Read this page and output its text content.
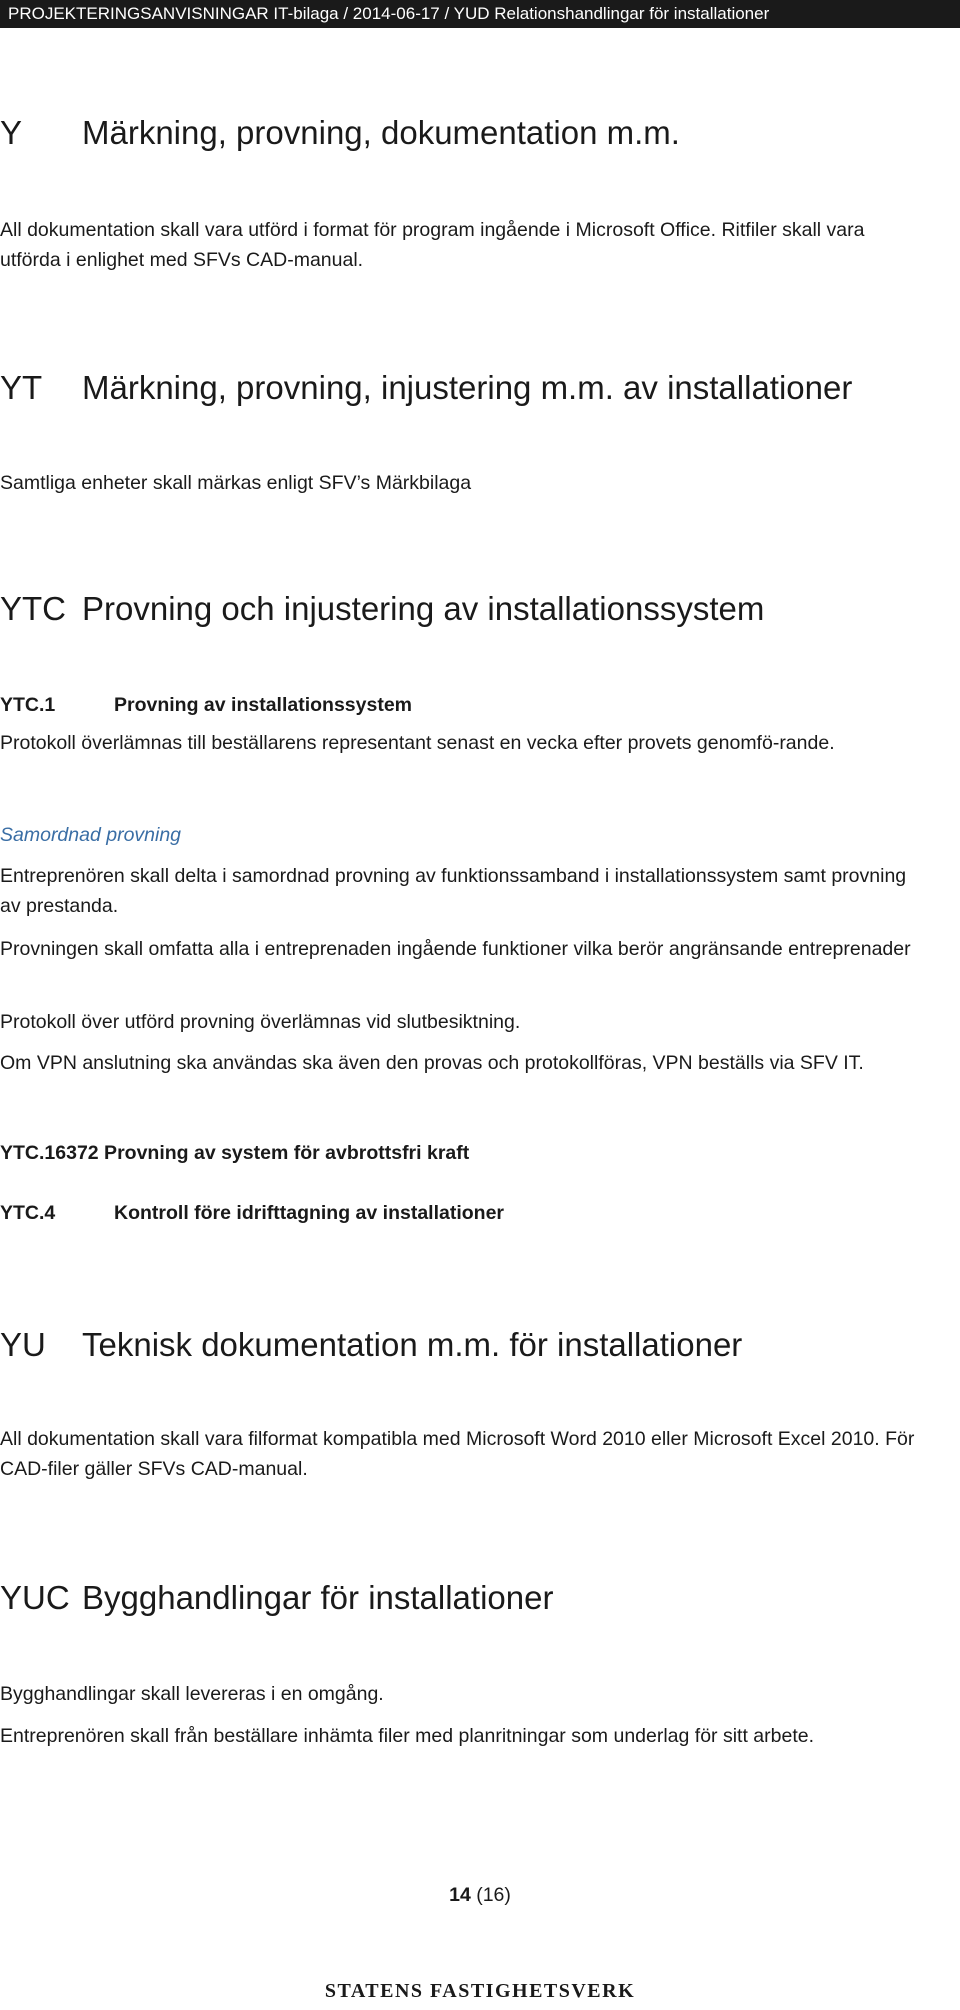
PROJEKTERINGSANVISNINGAR IT-bilaga / 2014-06-17 / YUD Relationshandlingar för installationer
Y Märkning, provning, dokumentation m.m.

All dokumentation skall vara utförd i format för program ingående i Microsoft Office. Ritfiler skall vara utförda i enlighet med SFVs CAD-manual.

YT Märkning, provning, injustering m.m. av installationer

Samtliga enheter skall märkas enligt SFV’s Märkbilaga

YTC Provning och injustering av installationssystem
YTC.1	Provning av installationssystem

Protokoll överlämnas till beställarens representant senast en vecka efter provets genomfö-rande.

Samordnad provning

Entreprenören skall delta i samordnad provning av funktionssamband i installationssystem samt provning av prestanda.

Provningen skall omfatta alla i entreprenaden ingående funktioner vilka berör angränsande entreprenader

Protokoll över utförd provning överlämnas vid slutbesiktning.

Om VPN anslutning ska användas ska även den provas och protokollföras, VPN beställs via SFV IT.

YTC.16372 Provning av system för avbrottsfri kraft
YTC.4	Kontroll före idrifttagning av installationer
YU Teknisk dokumentation m.m. för installationer

All dokumentation skall vara filformat kompatibla med Microsoft Word 2010 eller Microsoft Excel 2010. För CAD-filer gäller SFVs CAD-manual.

YUC Bygghandlingar för installationer

Bygghandlingar skall levereras i en omgång.

Entreprenören skall från beställare inhämta filer med planritningar som underlag för sitt arbete.

14 (16)
STATENS FASTIGHETSVERK
